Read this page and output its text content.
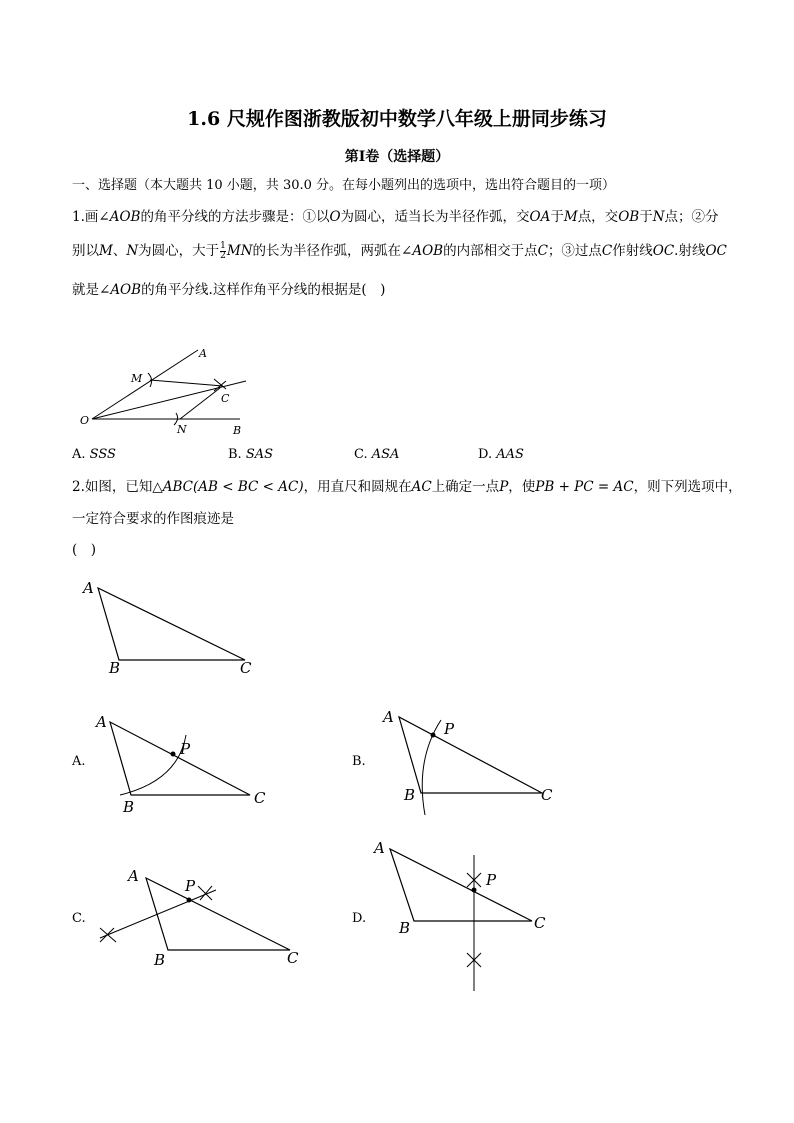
1.6 尺规作图浙教版初中数学八年级上册同步练习
第Ⅰ卷（选择题）
一、选择题（本大题共 10 小题，共 30.0 分。在每小题列出的选项中，选出符合题目的一项）
1.画∠AOB的角平分线的方法步骤是：①以O为圆心，适当长为半径作弧，交OA于M点，交OB于N点；②分
别以M、N为圆心，大于 $\frac{1}{2}$ MN的长为半径作弧，两弧在∠AOB的内部相交于点C；③过点C作射线OC.射线OC
就是∠AOB的角平分线.这样作角平分线的根据是(　)
A
M
C
O
N	B
A. SSS	B. SAS	C. ASA	D. AAS
2.如图，已知△ABC(AB < BC < AC)，用直尺和圆规在AC上确定一点P，使PB + PC = AC，则下列选项中，
一定符合要求的作图痕迹是
(　)
A
B	C
A.
A
P
B	C
B.
A
P
B	C
C.
A
P
B	C
D.
A
P
B	C
